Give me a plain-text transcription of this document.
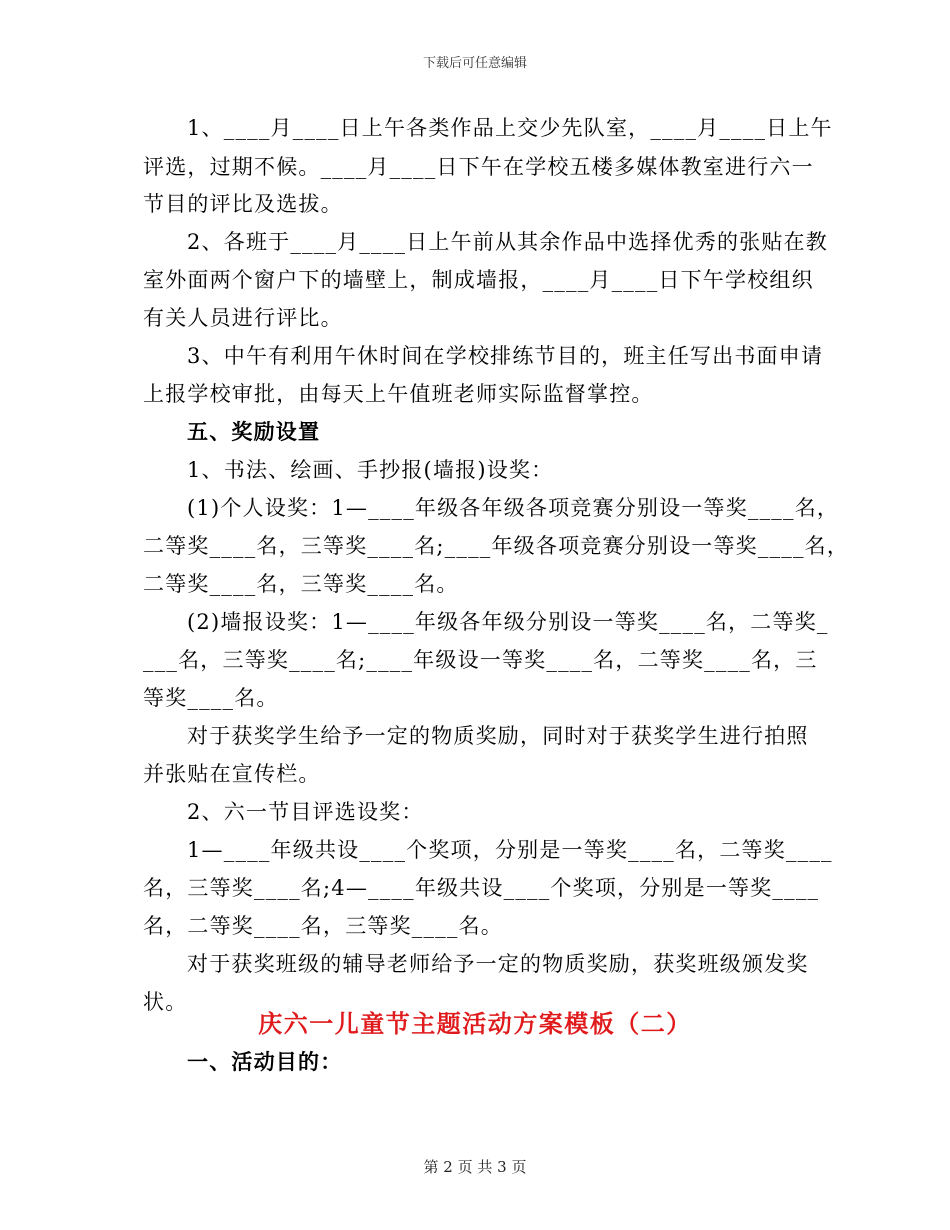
下载后可任意编辑
1、____月____日上午各类作品上交少先队室，____月____日上午
评选，过期不候。____月____日下午在学校五楼多媒体教室进行六一
节目的评比及选拔。
2、各班于____月____日上午前从其余作品中选择优秀的张贴在教
室外面两个窗户下的墙壁上，制成墙报，____月____日下午学校组织
有关人员进行评比。
3、中午有利用午休时间在学校排练节目的，班主任写出书面申请
上报学校审批，由每天上午值班老师实际监督掌控。
五、奖励设置
1、书法、绘画、手抄报(墙报)设奖：
(1)个人设奖：1—____年级各年级各项竞赛分别设一等奖____名，
二等奖____名，三等奖____名;____年级各项竞赛分别设一等奖____名，
二等奖____名，三等奖____名。
(2)墙报设奖：1—____年级各年级分别设一等奖____名，二等奖_
___名，三等奖____名;____年级设一等奖____名，二等奖____名，三
等奖____名。
对于获奖学生给予一定的物质奖励，同时对于获奖学生进行拍照
并张贴在宣传栏。
2、六一节目评选设奖：
1—____年级共设____个奖项，分别是一等奖____名，二等奖____
名，三等奖____名;4—____年级共设____个奖项，分别是一等奖____
名，二等奖____名，三等奖____名。
对于获奖班级的辅导老师给予一定的物质奖励，获奖班级颁发奖
状。
庆六一儿童节主题活动方案模板（二）
一、活动目的：
第 2 页 共 3 页
